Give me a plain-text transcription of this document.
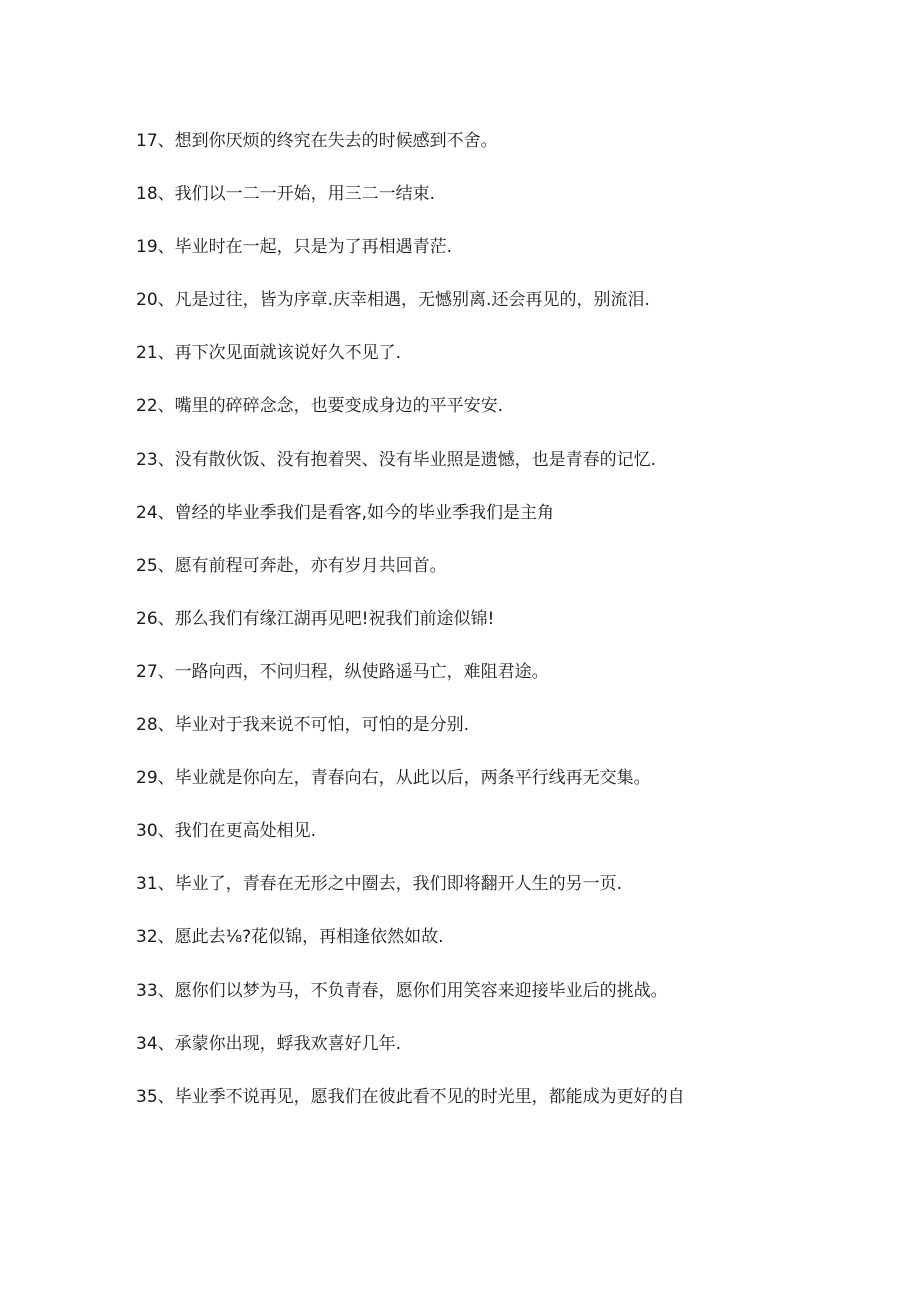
17、想到你厌烦的终究在失去的时候感到不舍。
18、我们以一二一开始，用三二一结束.
19、毕业时在一起，只是为了再相遇青茫.
20、凡是过往，皆为序章.庆幸相遇，无憾别离.还会再见的，别流泪.
21、再下次见面就该说好久不见了.
22、嘴里的碎碎念念，也要变成身边的平平安安.
23、没有散伙饭、没有抱着哭、没有毕业照是遗憾，也是青春的记忆.
24、曾经的毕业季我们是看客,如今的毕业季我们是主角
25、愿有前程可奔赴，亦有岁月共回首。
26、那么我们有缘江湖再见吧!祝我们前途似锦!
27、一路向西，不问归程，纵使路遥马亡，难阻君途。
28、毕业对于我来说不可怕，可怕的是分别.
29、毕业就是你向左，青春向右，从此以后，两条平行线再无交集。
30、我们在更高处相见.
31、毕业了，青春在无形之中圈去，我们即将翻开人生的另一页.
32、愿此去⅛?花似锦，再相逢依然如故.
33、愿你们以梦为马，不负青春，愿你们用笑容来迎接毕业后的挑战。
34、承蒙你出现，蜉我欢喜好几年.
35、毕业季不说再见，愿我们在彼此看不见的时光里，都能成为更好的自
